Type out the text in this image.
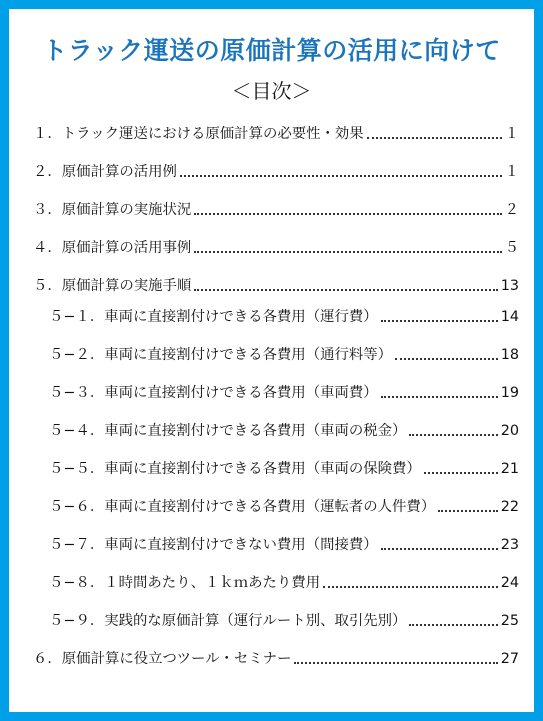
トラック運送の原価計算の活用に向けて
＜目次＞
１．トラック運送における原価計算の必要性・効果	１
２．原価計算の活用例	１
３．原価計算の実施状況	２
４．原価計算の活用事例	５
５．原価計算の実施手順	13
５−１．車両に直接割付けできる各費用（運行費）	14
５−２．車両に直接割付けできる各費用（通行料等）	18
５−３．車両に直接割付けできる各費用（車両費）	19
５−４．車両に直接割付けできる各費用（車両の税金）	20
５−５．車両に直接割付けできる各費用（車両の保険費）	21
５−６．車両に直接割付けできる各費用（運転者の人件費）	22
５−７．車両に直接割付けできない費用（間接費）	23
５−８．１時間あたり、１ｋｍあたり費用	24
５−９．実践的な原価計算（運行ルート別、取引先別）	25
６．原価計算に役立つツール・セミナー	27
